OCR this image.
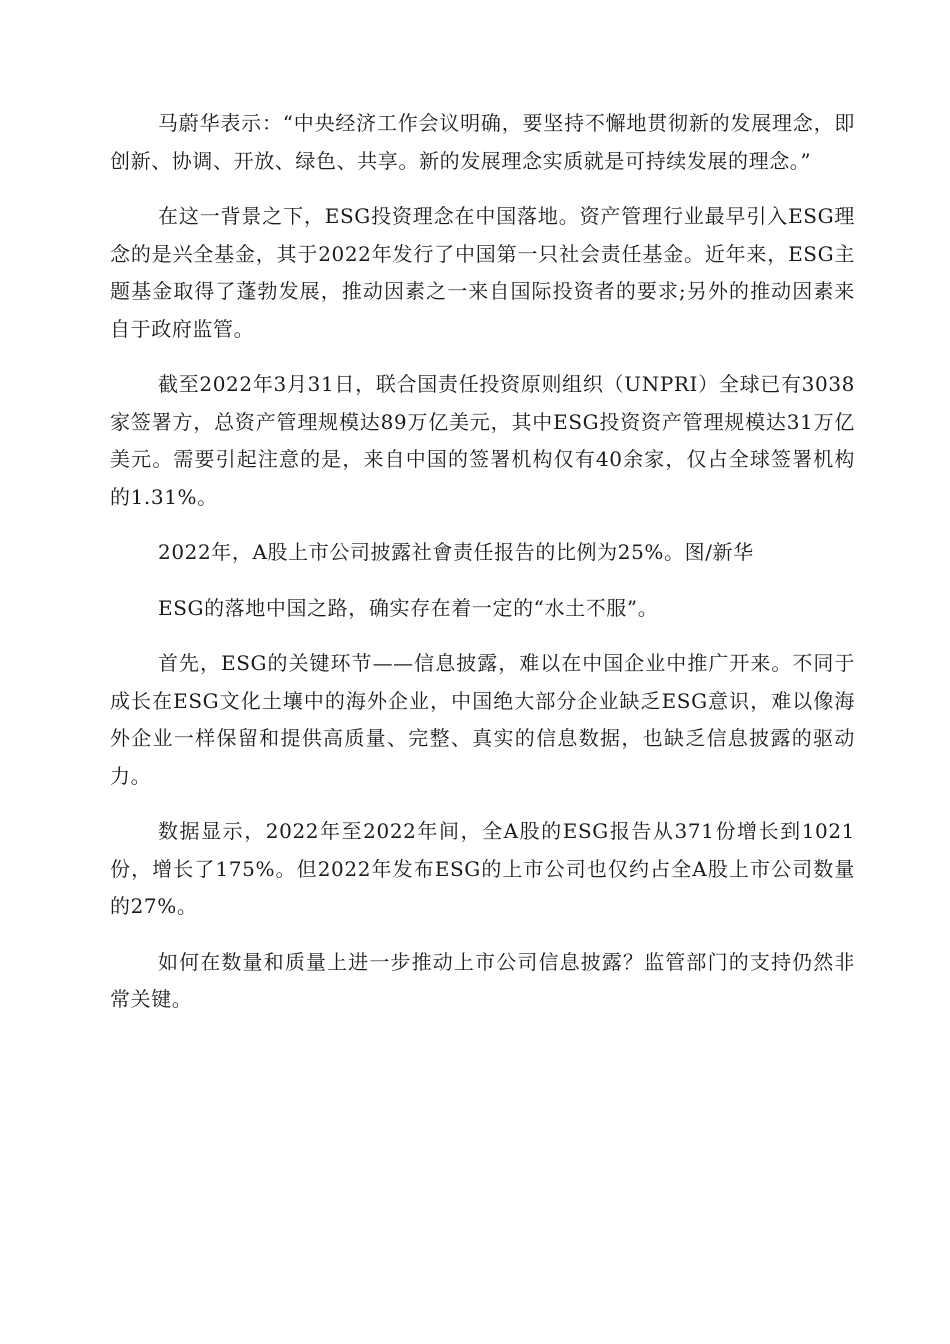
马蔚华表示：“中央经济工作会议明确，要坚持不懈地贯彻新的发展理念，即创新、协调、开放、绿色、共享。新的发展理念实质就是可持续发展的理念。”

在这一背景之下，ESG投资理念在中国落地。资产管理行业最早引入ESG理念的是兴全基金，其于2022年发行了中国第一只社会责任基金。近年来，ESG主题基金取得了蓬勃发展，推动因素之一来自国际投资者的要求;另外的推动因素来自于政府监管。

截至2022年3月31日，联合国责任投资原则组织（UNPRI）全球已有3038家签署方，总资产管理规模达89万亿美元，其中ESG投资资产管理规模达31万亿美元。需要引起注意的是，来自中国的签署机构仅有40余家，仅占全球签署机构的1.31%。

2022年，A股上市公司披露社會责任报告的比例为25%。图/新华

ESG的落地中国之路，确实存在着一定的“水土不服”。

首先，ESG的关键环节——信息披露，难以在中国企业中推广开来。不同于成长在ESG文化土壤中的海外企业，中国绝大部分企业缺乏ESG意识，难以像海外企业一样保留和提供高质量、完整、真实的信息数据，也缺乏信息披露的驱动力。

数据显示，2022年至2022年间，全A股的ESG报告从371份增长到1021份，增长了175%。但2022年发布ESG的上市公司也仅约占全A股上市公司数量的27%。

如何在数量和质量上进一步推动上市公司信息披露？监管部门的支持仍然非常关键。
